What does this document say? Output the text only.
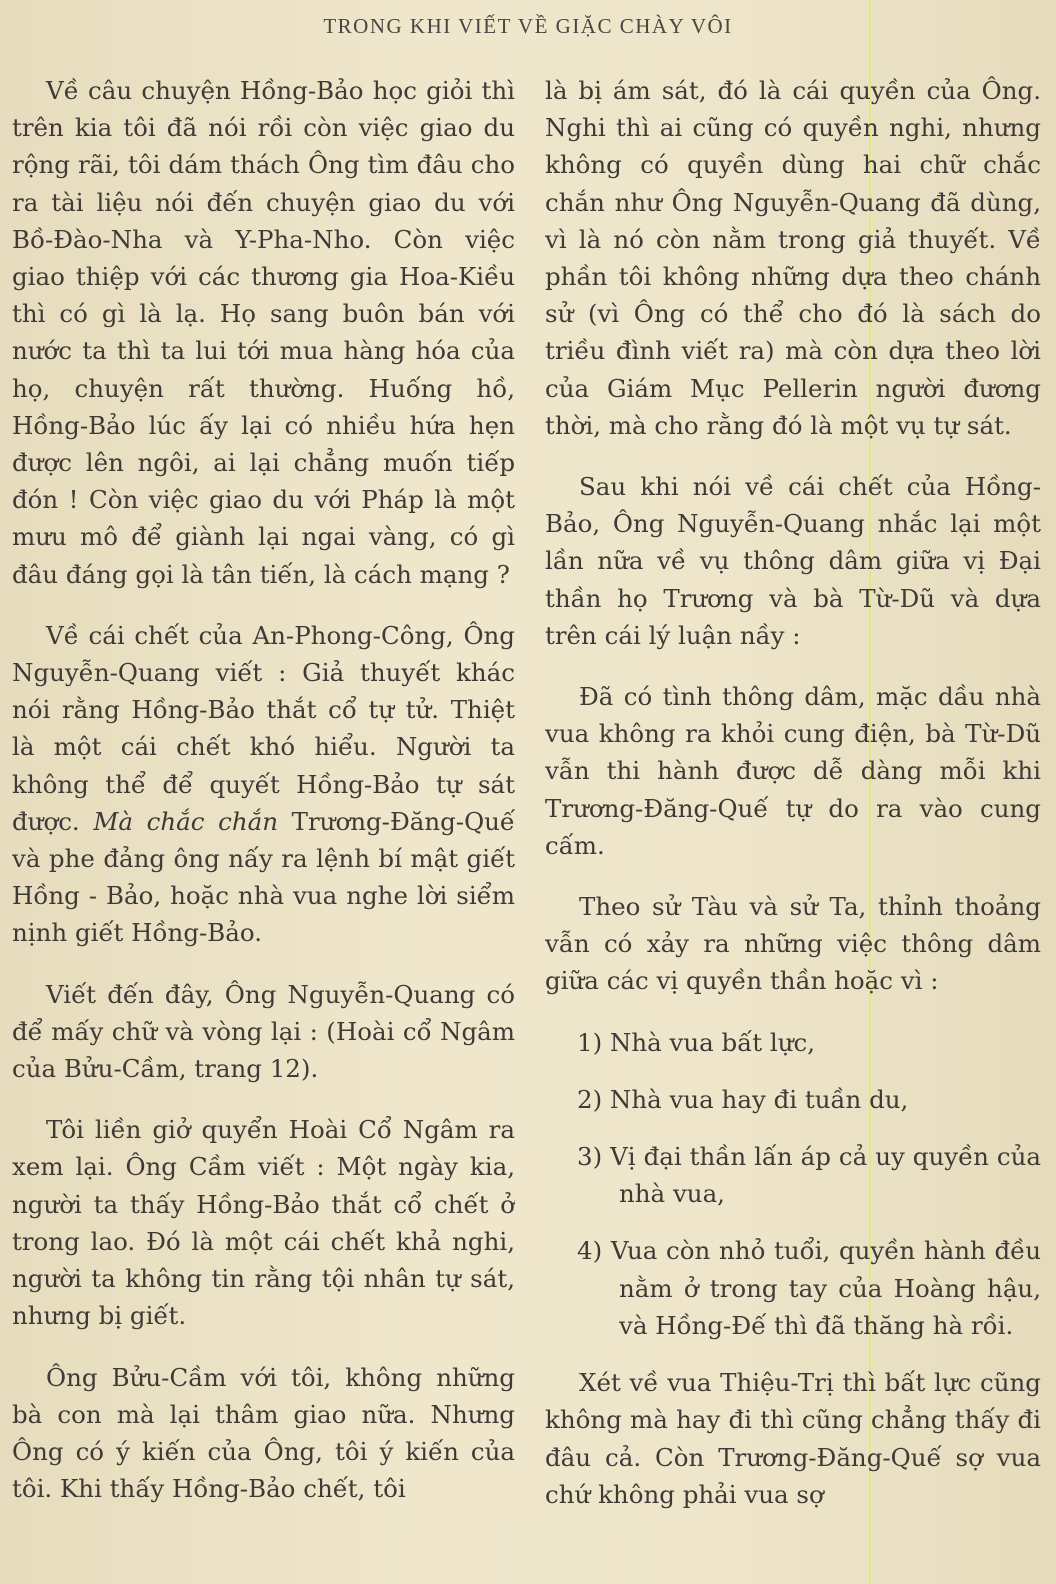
TRONG KHI VIẾT VỀ GIẶC CHÀY VÔI

Về câu chuyện Hồng-Bảo học giỏi thì trên kia tôi đã nói rồi còn việc giao du rộng rãi, tôi dám thách Ông tìm đâu cho ra tài liệu nói đến chuyện giao du với Bồ-Đào-Nha và Y-Pha-Nho. Còn việc giao thiệp với các thương gia Hoa-Kiều thì có gì là lạ. Họ sang buôn bán với nước ta thì ta lui tới mua hàng hóa của họ, chuyện rất thường. Huống hồ, Hồng-Bảo lúc ấy lại có nhiều hứa hẹn được lên ngôi, ai lại chẳng muốn tiếp đón ! Còn việc giao du với Pháp là một mưu mô để giành lại ngai vàng, có gì đâu đáng gọi là tân tiến, là cách mạng ?

Về cái chết của An-Phong-Công, Ông Nguyễn-Quang viết : Giả thuyết khác nói rằng Hồng-Bảo thắt cổ tự tử. Thiệt là một cái chết khó hiểu. Người ta không thể để quyết Hồng-Bảo tự sát được. Mà chắc chắn Trương-Đăng-Quế và phe đảng ông nấy ra lệnh bí mật giết Hồng - Bảo, hoặc nhà vua nghe lời siểm nịnh giết Hồng-Bảo.

Viết đến đây, Ông Nguyễn-Quang có để mấy chữ và vòng lại : (Hoài cổ Ngâm của Bửu-Cầm, trang 12).

Tôi liền giở quyển Hoài Cổ Ngâm ra xem lại. Ông Cầm viết : Một ngày kia, người ta thấy Hồng-Bảo thắt cổ chết ở trong lao. Đó là một cái chết khả nghi, người ta không tin rằng tội nhân tự sát, nhưng bị giết.

Ông Bửu-Cầm với tôi, không những bà con mà lại thâm giao nữa. Nhưng Ông có ý kiến của Ông, tôi ý kiến của tôi. Khi thấy Hồng-Bảo chết, tôi

là bị ám sát, đó là cái quyền của Ông. Nghi thì ai cũng có quyền nghi, nhưng không có quyền dùng hai chữ chắc chắn như Ông Nguyễn-Quang đã dùng, vì là nó còn nằm trong giả thuyết. Về phần tôi không những dựa theo chánh sử (vì Ông có thể cho đó là sách do triều đình viết ra) mà còn dựa theo lời của Giám Mục Pellerin người đương thời, mà cho rằng đó là một vụ tự sát.

Sau khi nói về cái chết của Hồng-Bảo, Ông Nguyễn-Quang nhắc lại một lần nữa về vụ thông dâm giữa vị Đại thần họ Trương và bà Từ-Dũ và dựa trên cái lý luận nầy :

Đã có tình thông dâm, mặc dầu nhà vua không ra khỏi cung điện, bà Từ-Dũ vẫn thi hành được dễ dàng mỗi khi Trương-Đăng-Quế tự do ra vào cung cấm.

Theo sử Tàu và sử Ta, thỉnh thoảng vẫn có xảy ra những việc thông dâm giữa các vị quyền thần hoặc vì :

1) Nhà vua bất lực,

2) Nhà vua hay đi tuần du,

3) Vị đại thần lấn áp cả uy quyền của nhà vua,

4) Vua còn nhỏ tuổi, quyền hành đều nằm ở trong tay của Hoàng hậu, và Hồng-Đế thì đã thăng hà rồi.

Xét về vua Thiệu-Trị thì bất lực cũng không mà hay đi thì cũng chẳng thấy đi đâu cả. Còn Trương-Đăng-Quế sợ vua chứ không phải vua sợ
